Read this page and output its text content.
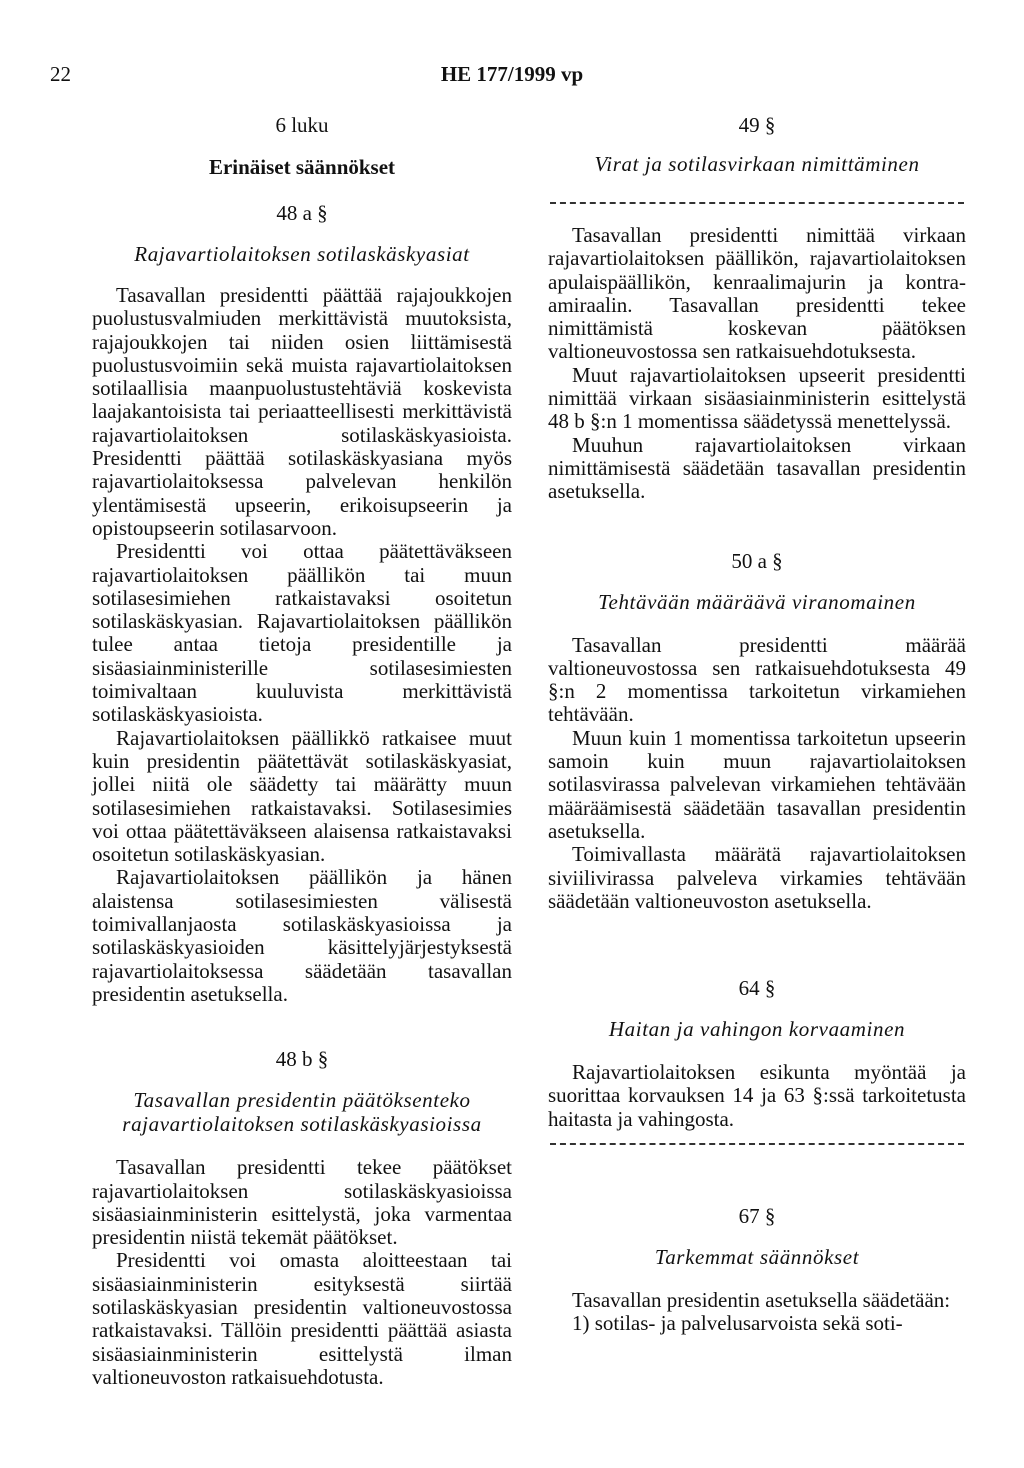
22	HE 177/1999 vp
6 luku
Erinäiset säännökset
48 a §
Rajavartiolaitoksen sotilaskäskyasiat

Tasavallan presidentti päättää rajajoukkojen puolustusvalmiuden merkittävistä muutoksista, rajajoukkojen tai niiden osien liittämisestä puolustusvoimiin sekä muista rajavartiolaitoksen sotilaallisia maanpuolustustehtäviä koskevista laajakantoisista tai periaatteellisesti merkittävistä rajavartiolaitoksen sotilaskäskyasioista. Presidentti päättää sotilaskäskyasiana myös rajavartiolaitoksessa palvelevan henkilön ylentämisestä upseerin, erikoisupseerin ja opistoupseerin sotilasarvoon.

Presidentti voi ottaa päätettäväkseen rajavartiolaitoksen päällikön tai muun sotilasesimiehen ratkaistavaksi osoitetun sotilaskäskyasian. Rajavartiolaitoksen päällikön tulee antaa tietoja presidentille ja sisäasiainministerille sotilasesimiesten toimivaltaan kuuluvista merkittävistä sotilaskäskyasioista.

Rajavartiolaitoksen päällikkö ratkaisee muut kuin presidentin päätettävät sotilaskäskyasiat, jollei niitä ole säädetty tai määrätty muun sotilasesimiehen ratkaistavaksi. Sotilasesimies voi ottaa päätettäväkseen alaisensa ratkaistavaksi osoitetun sotilaskäskyasian.

Rajavartiolaitoksen päällikön ja hänen alaistensa sotilasesimiesten välisestä toimivallanjaosta sotilaskäskyasioissa ja sotilaskäskyasioiden käsittelyjärjestyksestä rajavartiolaitoksessa säädetään tasavallan presidentin asetuksella.

48 b §
Tasavallan presidentin päätöksenteko rajavartiolaitoksen sotilaskäskyasioissa

Tasavallan presidentti tekee päätökset rajavartiolaitoksen sotilaskäskyasioissa sisäasiainministerin esittelystä, joka varmentaa presidentin niistä tekemät päätökset.

Presidentti voi omasta aloitteestaan tai sisäasiainministerin esityksestä siirtää sotilaskäskyasian presidentin valtioneuvostossa ratkaistavaksi. Tällöin presidentti päättää asiasta sisäasiainministerin esittelystä ilman valtioneuvoston ratkaisuehdotusta.

49 §
Virat ja sotilasvirkaan nimittäminen

Tasavallan presidentti nimittää virkaan rajavartiolaitoksen päällikön, rajavartiolaitoksen apulaispäällikön, kenraalimajurin ja kontra-amiraalin. Tasavallan presidentti tekee nimittämistä koskevan päätöksen valtioneuvostossa sen ratkaisuehdotuksesta.

Muut rajavartiolaitoksen upseerit presidentti nimittää virkaan sisäasiainministerin esittelystä 48 b §:n 1 momentissa säädetyssä menettelyssä.

Muuhun rajavartiolaitoksen virkaan nimittämisestä säädetään tasavallan presidentin asetuksella.

50 a §
Tehtävään määräävä viranomainen

Tasavallan presidentti määrää valtioneuvostossa sen ratkaisuehdotuksesta 49 §:n 2 momentissa tarkoitetun virkamiehen tehtävään.

Muun kuin 1 momentissa tarkoitetun upseerin samoin kuin muun rajavartiolaitoksen sotilasvirassa palvelevan virkamiehen tehtävään määräämisestä säädetään tasavallan presidentin asetuksella.

Toimivallasta määrätä rajavartiolaitoksen siviilivirassa palveleva virkamies tehtävään säädetään valtioneuvoston asetuksella.

64 §
Haitan ja vahingon korvaaminen

Rajavartiolaitoksen esikunta myöntää ja suorittaa korvauksen 14 ja 63 §:ssä tarkoitetusta haitasta ja vahingosta.

67 §
Tarkemmat säännökset

Tasavallan presidentin asetuksella säädetään:

1) sotilas- ja palvelusarvoista sekä soti-
